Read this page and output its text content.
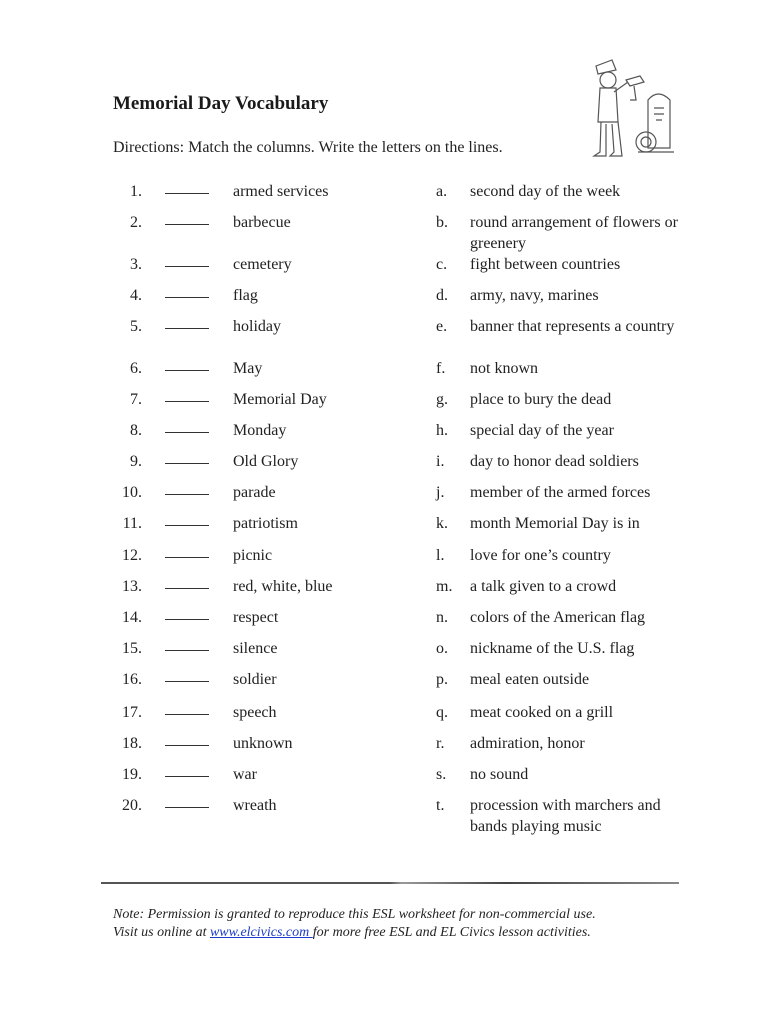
Memorial Day Vocabulary
Directions: Match the columns. Write the letters on the lines.
1.	armed services	a. second day of the week
2.	barbecue	b. round arrangement of flowers or greenery
3.	cemetery	c. fight between countries
4.	flag	d. army, navy, marines
5.	holiday	e. banner that represents a country
6.	May	f. not known
7.	Memorial Day	g. place to bury the dead
8.	Monday	h. special day of the year
9.	Old Glory	i. day to honor dead soldiers
10.	parade	j. member of the armed forces
11.	patriotism	k. month Memorial Day is in
12.	picnic	l. love for one’s country
13.	red, white, blue	m. a talk given to a crowd
14.	respect	n. colors of the American flag
15.	silence	o. nickname of the U.S. flag
16.	soldier	p. meal eaten outside
17.	speech	q. meat cooked on a grill
18.	unknown	r. admiration, honor
19.	war	s. no sound
20.	wreath	t. procession with marchers and bands playing music
Note: Permission is granted to reproduce this ESL worksheet for non-commercial use.
Visit us online at www.elcivics.com for more free ESL and EL Civics lesson activities.
